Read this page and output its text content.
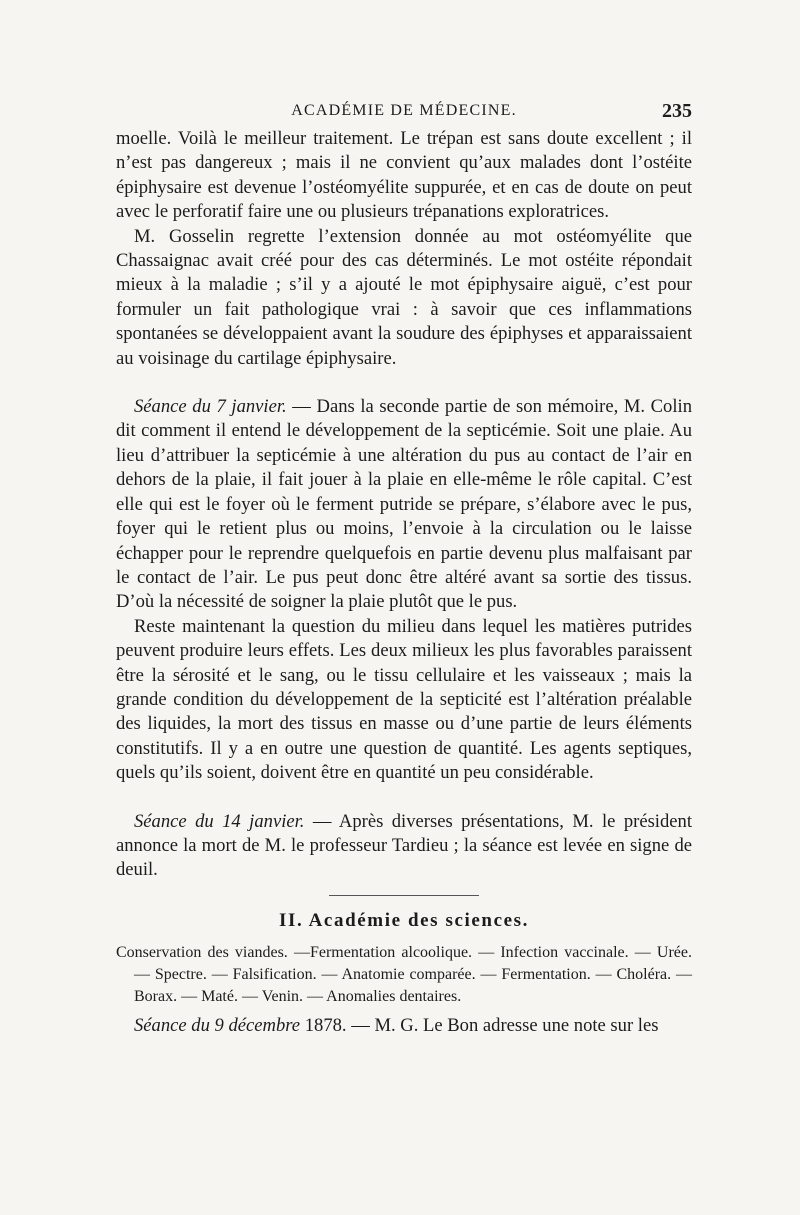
ACADÉMIE DE MÉDECINE.	235

moelle. Voilà le meilleur traitement. Le trépan est sans doute excellent ; il n’est pas dangereux ; mais il ne convient qu’aux malades dont l’ostéite épiphysaire est devenue l’ostéomyélite suppurée, et en cas de doute on peut avec le perforatif faire une ou plusieurs trépanations exploratrices.

M. Gosselin regrette l’extension donnée au mot ostéomyélite que Chassaignac avait créé pour des cas déterminés. Le mot ostéite répondait mieux à la maladie ; s’il y a ajouté le mot épiphysaire aiguë, c’est pour formuler un fait pathologique vrai : à savoir que ces inflammations spontanées se développaient avant la soudure des épiphyses et apparaissaient au voisinage du cartilage épiphysaire.

Séance du 7 janvier. — Dans la seconde partie de son mémoire, M. Colin dit comment il entend le développement de la septicémie. Soit une plaie. Au lieu d’attribuer la septicémie à une altération du pus au contact de l’air en dehors de la plaie, il fait jouer à la plaie en elle-même le rôle capital. C’est elle qui est le foyer où le ferment putride se prépare, s’élabore avec le pus, foyer qui le retient plus ou moins, l’envoie à la circulation ou le laisse échapper pour le reprendre quelquefois en partie devenu plus malfaisant par le contact de l’air. Le pus peut donc être altéré avant sa sortie des tissus. D’où la nécessité de soigner la plaie plutôt que le pus.

Reste maintenant la question du milieu dans lequel les matières putrides peuvent produire leurs effets. Les deux milieux les plus favorables paraissent être la sérosité et le sang, ou le tissu cellulaire et les vaisseaux ; mais la grande condition du développement de la septicité est l’altération préalable des liquides, la mort des tissus en masse ou d’une partie de leurs éléments constitutifs. Il y a en outre une question de quantité. Les agents septiques, quels qu’ils soient, doivent être en quantité un peu considérable.

Séance du 14 janvier. — Après diverses présentations, M. le président annonce la mort de M. le professeur Tardieu ; la séance est levée en signe de deuil.

II. Académie des sciences.

Conservation des viandes. —Fermentation alcoolique. — Infection vaccinale. — Urée. — Spectre. — Falsification. — Anatomie comparée. — Fermentation. — Choléra. — Borax. — Maté. — Venin. — Anomalies dentaires.

Séance du 9 décembre 1878. — M. G. Le Bon adresse une note sur les
